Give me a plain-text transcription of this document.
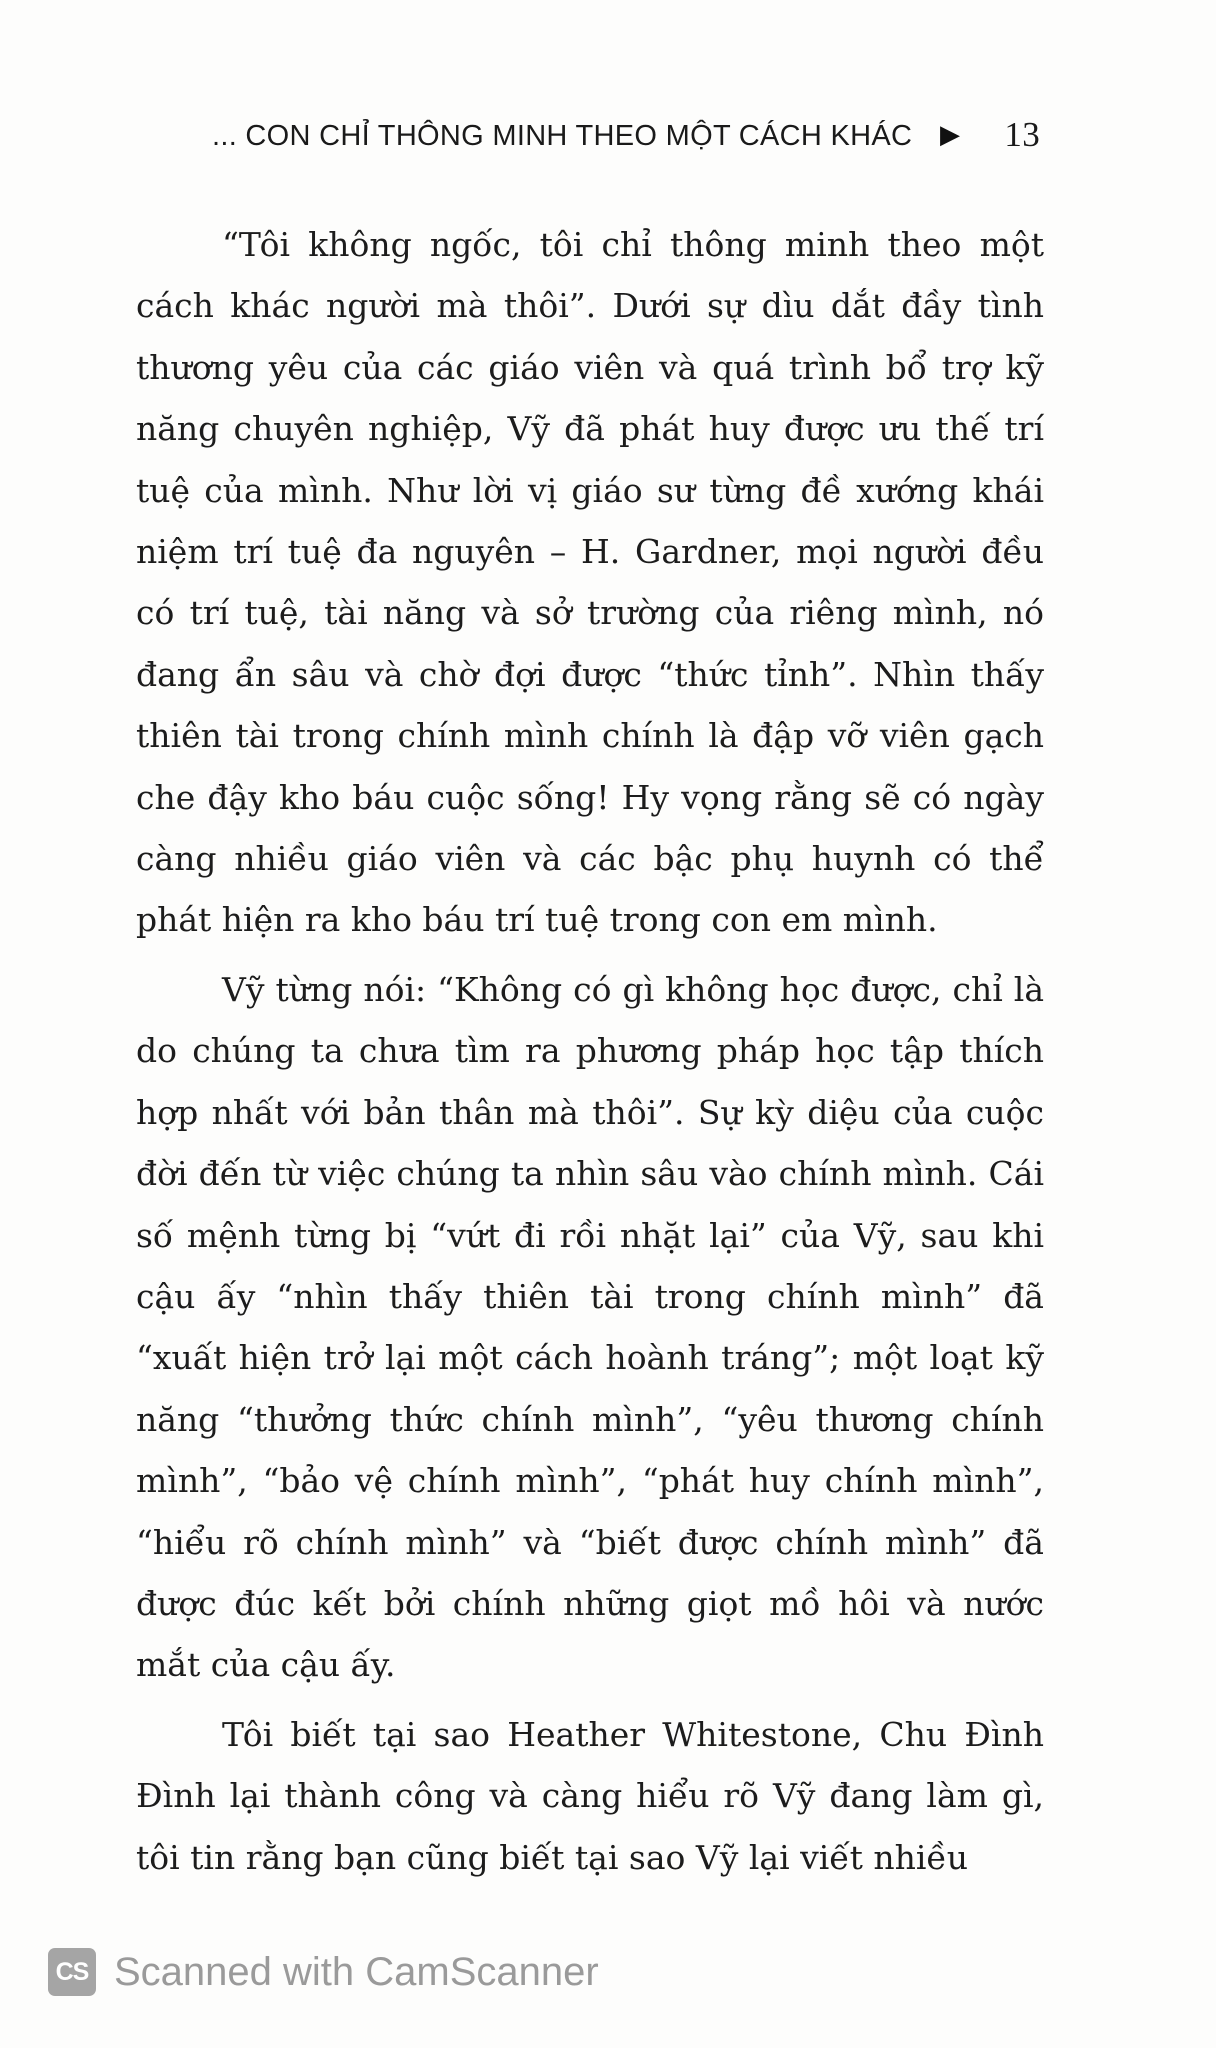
... CON CHỈ THÔNG MINH THEO MỘT CÁCH KHÁC ▶ 13

“Tôi không ngốc, tôi chỉ thông minh theo một cách khác người mà thôi”. Dưới sự dìu dắt đầy tình thương yêu của các giáo viên và quá trình bổ trợ kỹ năng chuyên nghiệp, Vỹ đã phát huy được ưu thế trí tuệ của mình. Như lời vị giáo sư từng đề xướng khái niệm trí tuệ đa nguyên – H. Gardner, mọi người đều có trí tuệ, tài năng và sở trường của riêng mình, nó đang ẩn sâu và chờ đợi được “thức tỉnh”. Nhìn thấy thiên tài trong chính mình chính là đập vỡ viên gạch che đậy kho báu cuộc sống! Hy vọng rằng sẽ có ngày càng nhiều giáo viên và các bậc phụ huynh có thể phát hiện ra kho báu trí tuệ trong con em mình.

Vỹ từng nói: “Không có gì không học được, chỉ là do chúng ta chưa tìm ra phương pháp học tập thích hợp nhất với bản thân mà thôi”. Sự kỳ diệu của cuộc đời đến từ việc chúng ta nhìn sâu vào chính mình. Cái số mệnh từng bị “vứt đi rồi nhặt lại” của Vỹ, sau khi cậu ấy “nhìn thấy thiên tài trong chính mình” đã “xuất hiện trở lại một cách hoành tráng”; một loạt kỹ năng “thưởng thức chính mình”, “yêu thương chính mình”, “bảo vệ chính mình”, “phát huy chính mình”, “hiểu rõ chính mình” và “biết được chính mình” đã được đúc kết bởi chính những giọt mồ hôi và nước mắt của cậu ấy.

Tôi biết tại sao Heather Whitestone, Chu Đình Đình lại thành công và càng hiểu rõ Vỹ đang làm gì, tôi tin rằng bạn cũng biết tại sao Vỹ lại viết nhiều

CS Scanned with CamScanner
